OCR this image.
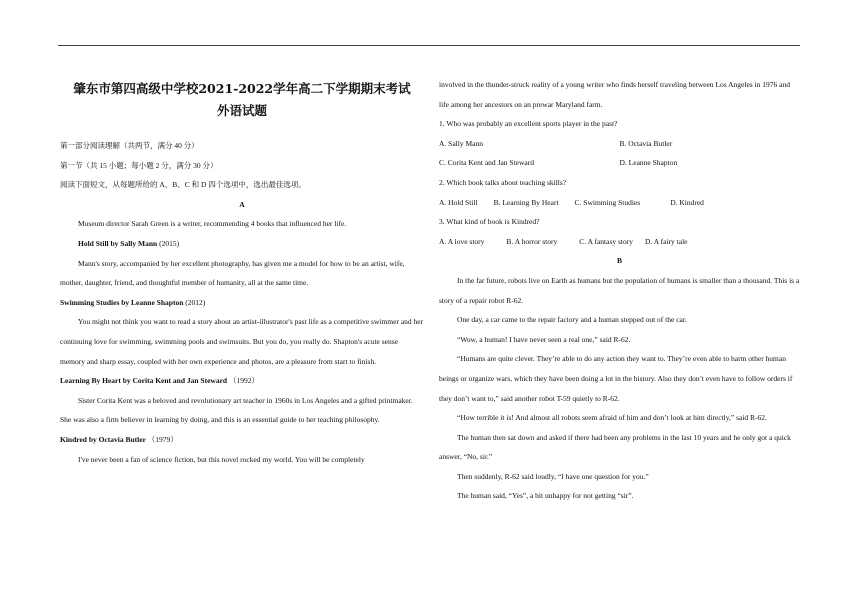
肇东市第四高级中学校2021-2022学年高二下学期期末考试

外语试题

第一部分阅读理解（共两节，满分 40 分）

第一节（共 15 小题；每小题 2 分，满分 30 分）

阅读下面短文，从每题所给的 A、B、C 和 D 四个选项中，选出最佳选项。

A

Museum director Sarah Green is a writer, recommending 4 books that influenced her life.

Hold Still by Sally Mann (2015)

Mann's story, accompanied by her excellent photography, has given me a model for how to be an artist, wife, mother, daughter, friend, and thoughtful member of humanity, all at the same time.

Swimming Studies by Leanne Shapton (2012)

You might not think you want to read a story about an artist-illustrator's past life as a competitive swimmer and her continuing love for swimming, swimming pools and swimsuits. But you do, you really do. Shapton's acute sense memory and sharp essay, coupled with her own experience and photos, are a pleasure from start to finish.

Learning By Heart by Corita Kent and Jan Steward （1992）

Sister Corita Kent was a beloved and revolutionary art teacher in 1960s in Los Angeles and a gifted printmaker. She was also a firm believer in learning by doing, and this is an essential guide to her teaching philosophy.

Kindred by Octavia Butler （1979）

I've never been a fan of science fiction, but this novel rocked my world. You will be completely

involved in the thunder-struck reality of a young writer who finds herself traveling between Los Angeles in 1976 and life among her ancestors on an prewar Maryland farm.

1. Who was probably an excellent sports player in the past?

A. Sally Mann	B. Octavia Butler

C. Corita Kent and Jan Steward	D. Leanne Shapton

2. Which book talks about teaching skills?

A. Hold Still B. Learning By Heart C. Swimming Studies	D. Kindred

3. What kind of book is Kindred?

A. A love story	B. A horror story	C. A fantasy story D. A fairy tale

B

In the far future, robots live on Earth as humans but the population of humans is smaller than a thousand. This is a story of a repair robot R-62.

One day, a car came to the repair factory and a human stepped out of the car.

“Wow, a human! I have never seen a real one,” said R-62.

“Humans are quite clever. They’re able to do any action they want to. They’re even able to harm other human beings or organize wars, which they have been doing a lot in the history. Also they don’t even have to follow orders if they don’t want to,” said another robot T-59 quietly to R-62.

“How terrible it is! And almost all robots seem afraid of him and don’t look at him directly,” said R-62.

The human then sat down and asked if there had been any problems in the last 10 years and he only got a quick answer, “No, sir.”

Then suddenly, R-62 said loudly, “I have one question for you.”

The human said, “Yes”, a bit unhappy for not getting “sir”.
